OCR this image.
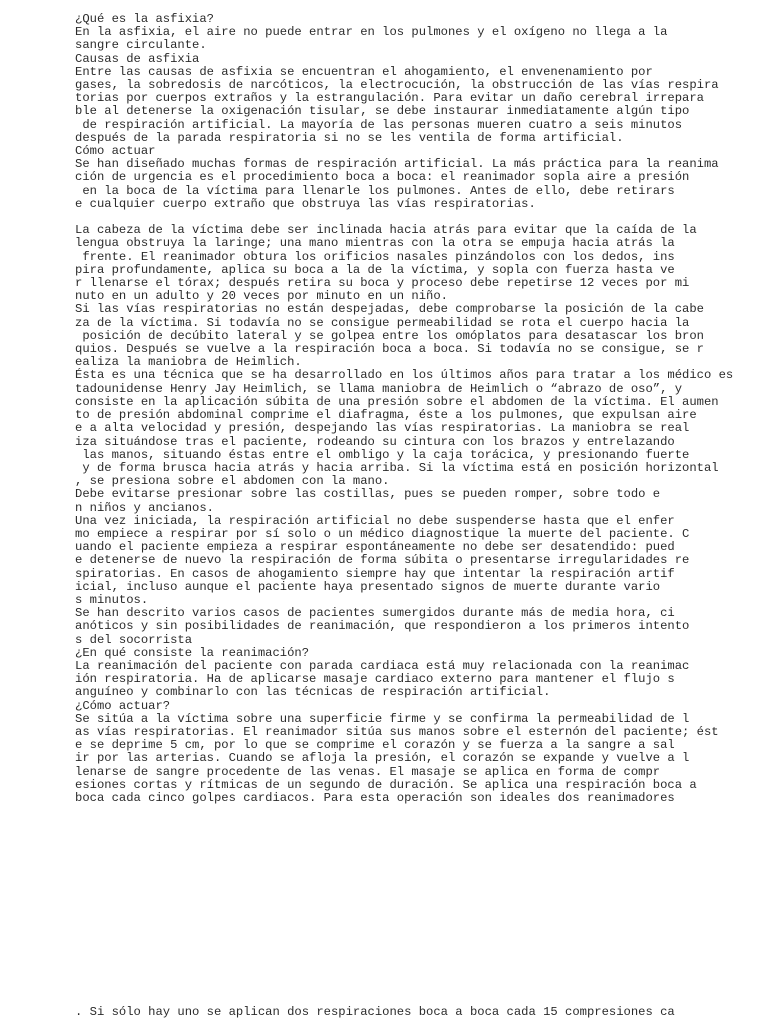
¿Qué es la asfixia?
En la asfixia, el aire no puede entrar en los pulmones y el oxígeno no llega a la
sangre circulante.
Causas de asfixia
Entre las causas de asfixia se encuentran el ahogamiento, el envenenamiento por
gases, la sobredosis de narcóticos, la electrocución, la obstrucción de las vías respira
torias por cuerpos extraños y la estrangulación. Para evitar un daño cerebral irrepara
ble al detenerse la oxigenación tisular, se debe instaurar inmediatamente algún tipo
de respiración artificial. La mayoría de las personas mueren cuatro a seis minutos
después de la parada respiratoria si no se les ventila de forma artificial.
Cómo actuar
Se han diseñado muchas formas de respiración artificial. La más práctica para la reanima
ción de urgencia es el procedimiento boca a boca: el reanimador sopla aire a presión
en la boca de la víctima para llenarle los pulmones. Antes de ello, debe retirars
e cualquier cuerpo extraño que obstruya las vías respiratorias.

La cabeza de la víctima debe ser inclinada hacia atrás para evitar que la caída de la
lengua obstruya la laringe; una mano mientras con la otra se empuja hacia atrás la
frente. El reanimador obtura los orificios nasales pinzándolos con los dedos, ins
pira profundamente, aplica su boca a la de la víctima, y sopla con fuerza hasta ve
r llenarse el tórax; después retira su boca y proceso debe repetirse 12 veces por mi
nuto en un adulto y 20 veces por minuto en un niño.
Si las vías respiratorias no están despejadas, debe comprobarse la posición de la cabe
za de la víctima. Si todavía no se consigue permeabilidad se rota el cuerpo hacia la
posición de decúbito lateral y se golpea entre los omóplatos para desatascar los bron
quios. Después se vuelve a la respiración boca a boca. Si todavía no se consigue, se r
ealiza la maniobra de Heimlich.
Ésta es una técnica que se ha desarrollado en los últimos años para tratar a los médico es
tadounidense Henry Jay Heimlich, se llama maniobra de Heimlich o “abrazo de oso”, y
consiste en la aplicación súbita de una presión sobre el abdomen de la víctima. El aumen
to de presión abdominal comprime el diafragma, éste a los pulmones, que expulsan aire
e a alta velocidad y presión, despejando las vías respiratorias. La maniobra se real
iza situándose tras el paciente, rodeando su cintura con los brazos y entrelazando
las manos, situando éstas entre el ombligo y la caja torácica, y presionando fuerte
y de forma brusca hacia atrás y hacia arriba. Si la víctima está en posición horizontal
, se presiona sobre el abdomen con la mano.
Debe evitarse presionar sobre las costillas, pues se pueden romper, sobre todo e
n niños y ancianos.
Una vez iniciada, la respiración artificial no debe suspenderse hasta que el enfer
mo empiece a respirar por sí solo o un médico diagnostique la muerte del paciente. C
uando el paciente empieza a respirar espontáneamente no debe ser desatendido: pued
e detenerse de nuevo la respiración de forma súbita o presentarse irregularidades re
spiratorias. En casos de ahogamiento siempre hay que intentar la respiración artif
icial, incluso aunque el paciente haya presentado signos de muerte durante vario
s minutos.
Se han descrito varios casos de pacientes sumergidos durante más de media hora, ci
anóticos y sin posibilidades de reanimación, que respondieron a los primeros intento
s del socorrista
¿En qué consiste la reanimación?
La reanimación del paciente con parada cardiaca está muy relacionada con la reanimac
ión respiratoria. Ha de aplicarse masaje cardiaco externo para mantener el flujo s
anguíneo y combinarlo con las técnicas de respiración artificial.
¿Cómo actuar?
Se sitúa a la víctima sobre una superficie firme y se confirma la permeabilidad de l
as vías respiratorias. El reanimador sitúa sus manos sobre el esternón del paciente; ést
e se deprime 5 cm, por lo que se comprime el corazón y se fuerza a la sangre a sal
ir por las arterias. Cuando se afloja la presión, el corazón se expande y vuelve a l
lenarse de sangre procedente de las venas. El masaje se aplica en forma de compr
esiones cortas y rítmicas de un segundo de duración. Se aplica una respiración boca a
boca cada cinco golpes cardiacos. Para esta operación son ideales dos reanimadores
. Si sólo hay uno se aplican dos respiraciones boca a boca cada 15 compresiones ca
